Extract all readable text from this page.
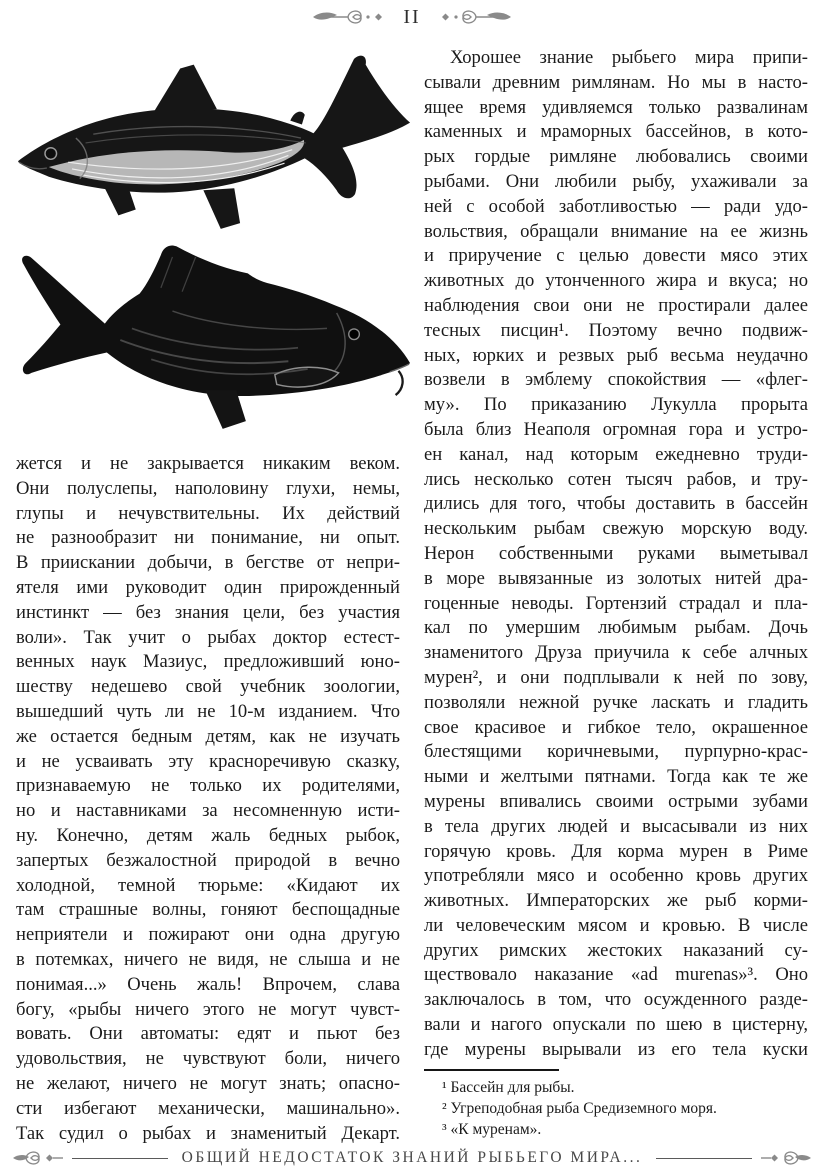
II
жется и не закрывается никаким веком.
Они полуслепы, наполовину глухи, немы,
глупы и нечувствительны. Их действий
не разнообразит ни понимание, ни опыт.
В приискании добычи, в бегстве от непри-
ятеля ими руководит один прирожденный
инстинкт — без знания цели, без участия
воли». Так учит о рыбах доктор естест-
венных наук Мазиус, предложивший юно-
шеству недешево свой учебник зоологии,
вышедший чуть ли не 10-м изданием. Что
же остается бедным детям, как не изучать
и не усваивать эту красноречивую сказку,
признаваемую не только их родителями,
но и наставниками за несомненную исти-
ну. Конечно, детям жаль бедных рыбок,
запертых безжалостной природой в вечно
холодной, темной тюрьме: «Кидают их
там страшные волны, гоняют беспощадные
неприятели и пожирают они одна другую
в потемках, ничего не видя, не слыша и не
понимая...» Очень жаль! Впрочем, слава
богу, «рыбы ничего этого не могут чувст-
вовать. Они автоматы: едят и пьют без
удовольствия, не чувствуют боли, ничего
не желают, ничего не могут знать; опасно-
сти избегают механически, машинально».
Так судил о рыбах и знаменитый Декарт.
Хорошее знание рыбьего мира припи-
сывали древним римлянам. Но мы в насто-
ящее время удивляемся только развалинам
каменных и мраморных бассейнов, в кото-
рых гордые римляне любовались своими
рыбами. Они любили рыбу, ухаживали за
ней с особой заботливостью — ради удо-
вольствия, обращали внимание на ее жизнь
и приручение с целью довести мясо этих
животных до утонченного жира и вкуса; но
наблюдения свои они не простирали далее
тесных писцин¹. Поэтому вечно подвиж-
ных, юрких и резвых рыб весьма неудачно
возвели в эмблему спокойствия — «флег-
му». По приказанию Лукулла прорыта
была близ Неаполя огромная гора и устро-
ен канал, над которым ежедневно труди-
лись несколько сотен тысяч рабов, и тру-
дились для того, чтобы доставить в бассейн
нескольким рыбам свежую морскую воду.
Нерон собственными руками выметывал
в море вывязанные из золотых нитей дра-
гоценные неводы. Гортензий страдал и пла-
кал по умершим любимым рыбам. Дочь
знаменитого Друза приучила к себе алчных
мурен², и они подплывали к ней по зову,
позволяли нежной ручке ласкать и гладить
свое красивое и гибкое тело, окрашенное
блестящими коричневыми, пурпурно-крас-
ными и желтыми пятнами. Тогда как те же
мурены впивались своими острыми зубами
в тела других людей и высасывали из них
горячую кровь. Для корма мурен в Риме
употребляли мясо и особенно кровь других
животных. Императорских же рыб корми-
ли человеческим мясом и кровью. В числе
других римских жестоких наказаний су-
ществовало наказание «ad murenas»³. Оно
заключалось в том, что осужденного разде-
вали и нагого опускали по шею в цистерну,
где мурены вырывали из его тела куски
¹ Бассейн для рыбы.
² Угреподобная рыба Средиземного моря.
³ «К муренам».
ОБЩИЙ НЕДОСТАТОК ЗНАНИЙ РЫБЬЕГО МИРА...
